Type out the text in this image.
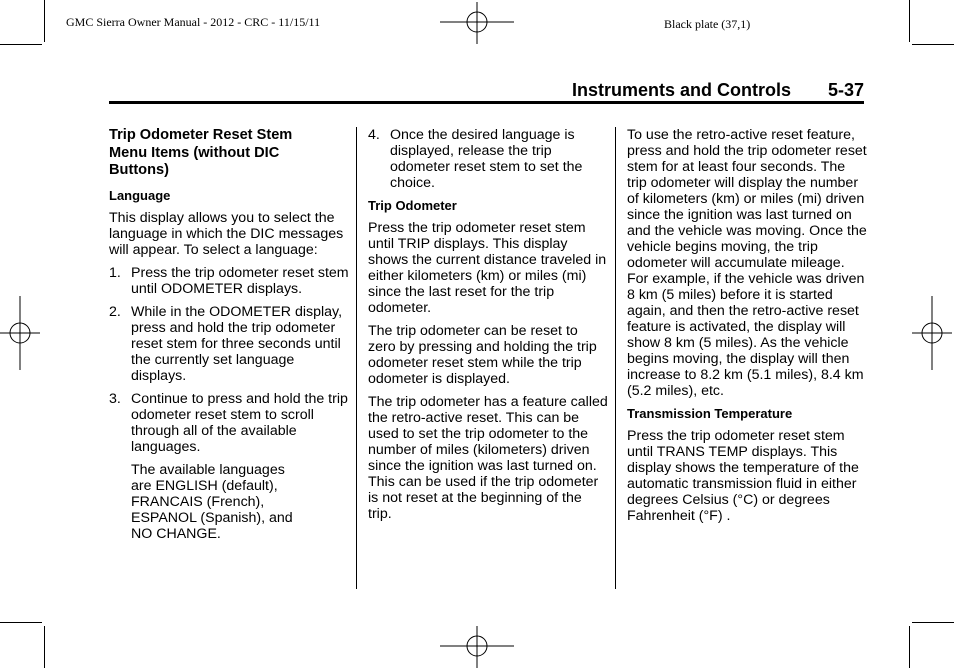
GMC Sierra Owner Manual - 2012 - CRC - 11/15/11	Black plate (37,1)
Instruments and Controls 5-37
Trip Odometer Reset Stem Menu Items (without DIC Buttons)
Language

This display allows you to select the language in which the DIC messages will appear. To select a language:

1. Press the trip odometer reset stem until ODOMETER displays.
2. While in the ODOMETER display, press and hold the trip odometer reset stem for three seconds until the currently set language displays.
3. Continue to press and hold the trip odometer reset stem to scroll through all of the available languages.

The available languages are ENGLISH (default), FRANCAIS (French), ESPANOL (Spanish), and NO CHANGE.

4. Once the desired language is displayed, release the trip odometer reset stem to set the choice.
Trip Odometer

Press the trip odometer reset stem until TRIP displays. This display shows the current distance traveled in either kilometers (km) or miles (mi) since the last reset for the trip odometer.

The trip odometer can be reset to zero by pressing and holding the trip odometer reset stem while the trip odometer is displayed.

The trip odometer has a feature called the retro-active reset. This can be used to set the trip odometer to the number of miles (kilometers) driven since the ignition was last turned on. This can be used if the trip odometer is not reset at the beginning of the trip.

To use the retro-active reset feature, press and hold the trip odometer reset stem for at least four seconds. The trip odometer will display the number of kilometers (km) or miles (mi) driven since the ignition was last turned on and the vehicle was moving. Once the vehicle begins moving, the trip odometer will accumulate mileage. For example, if the vehicle was driven 8 km (5 miles) before it is started again, and then the retro-active reset feature is activated, the display will show 8 km (5 miles). As the vehicle begins moving, the display will then increase to 8.2 km (5.1 miles), 8.4 km (5.2 miles), etc.

Transmission Temperature

Press the trip odometer reset stem until TRANS TEMP displays. This display shows the temperature of the automatic transmission fluid in either degrees Celsius (°C) or degrees Fahrenheit (°F) .
